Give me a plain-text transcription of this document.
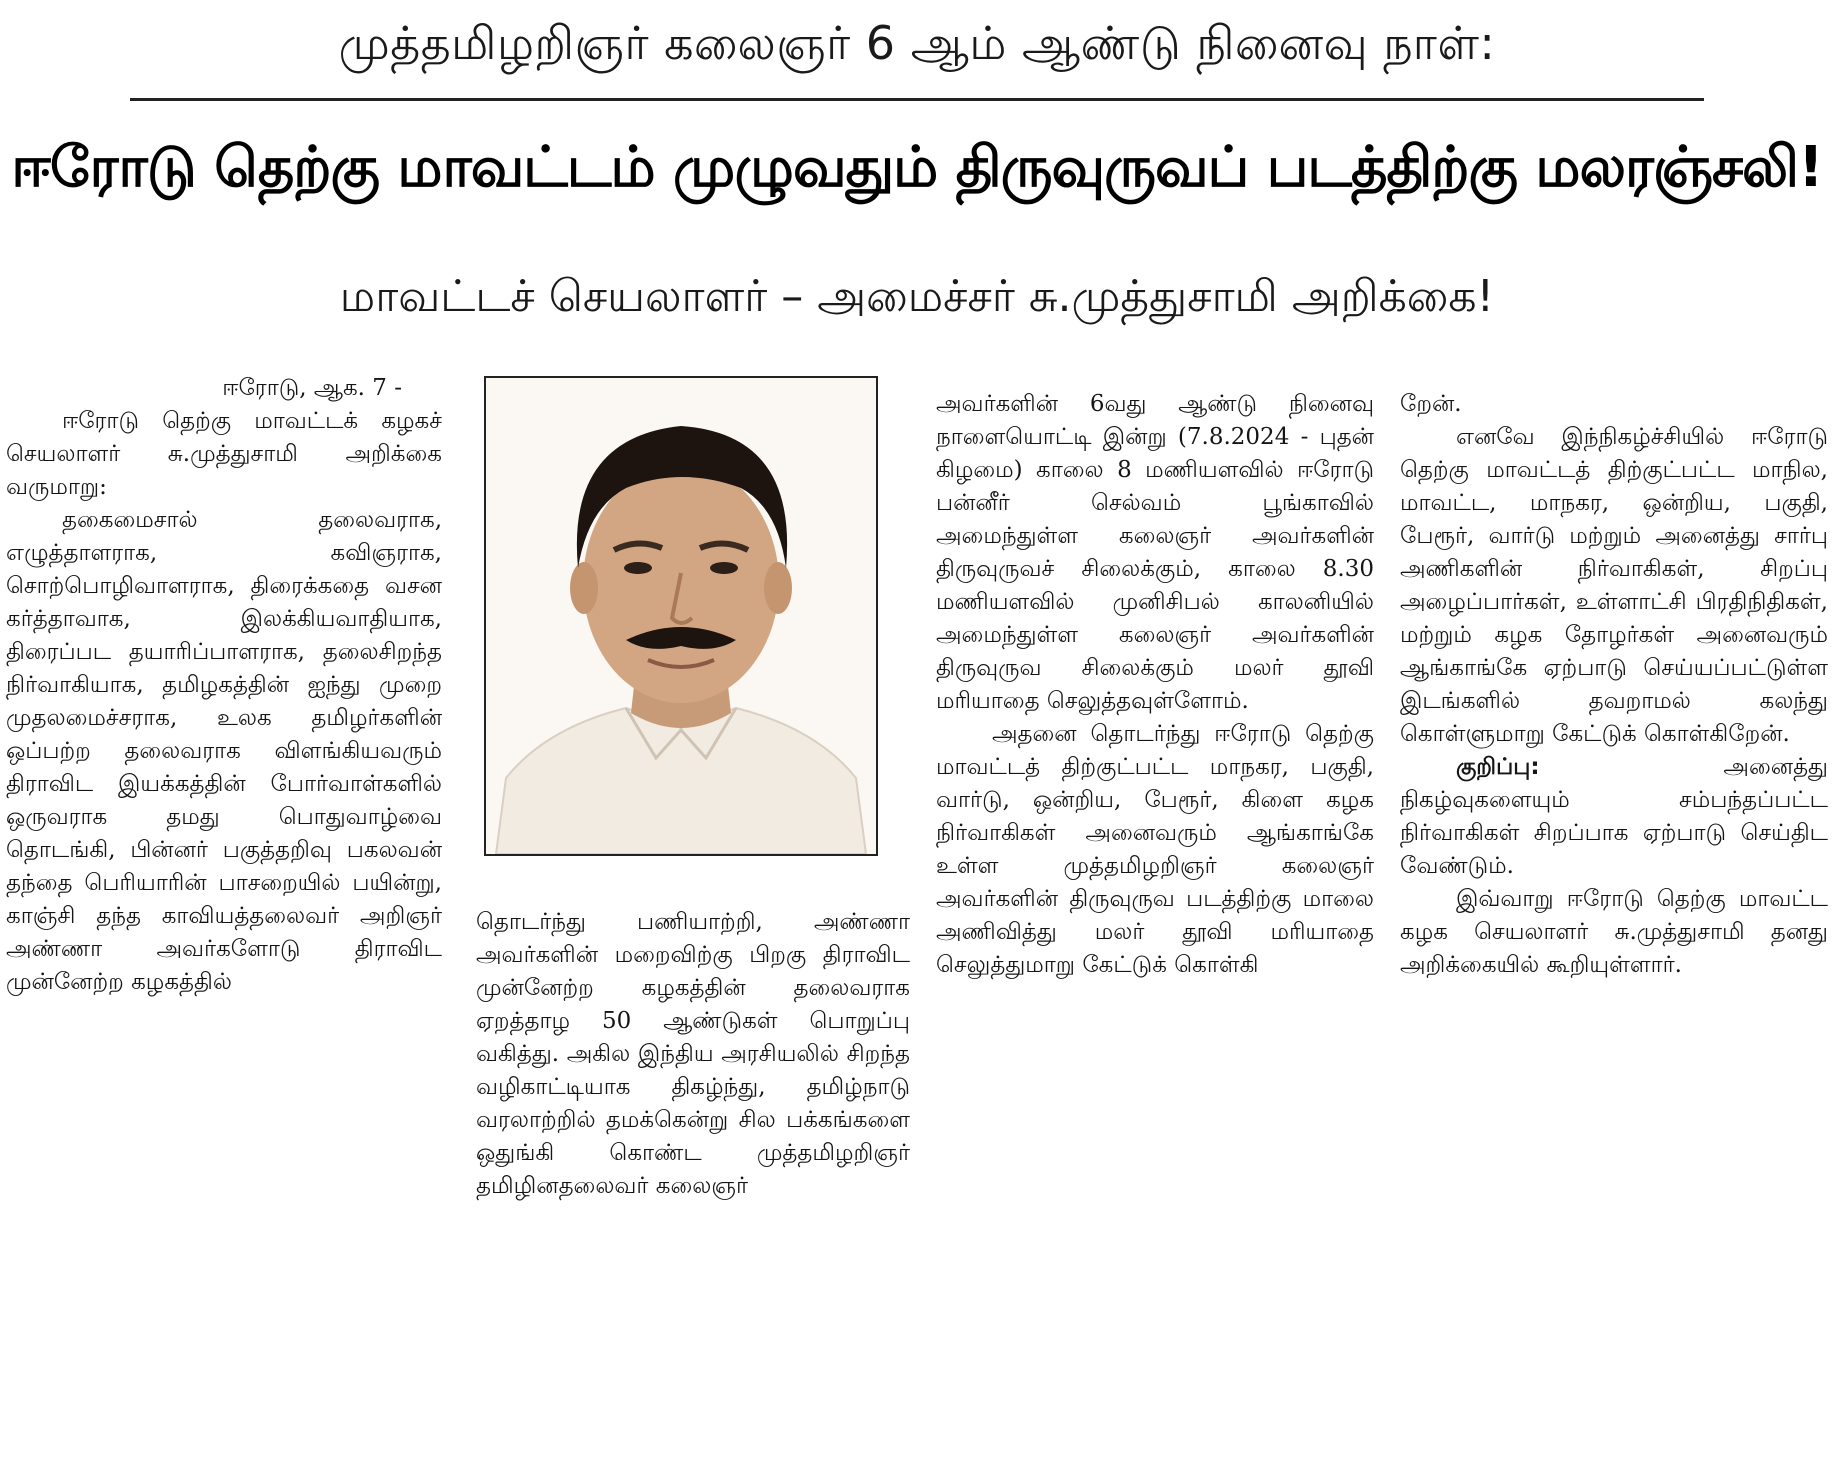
முத்தமிழறிஞர் கலைஞர் 6 ஆம் ஆண்டு நினைவு நாள்:
ஈரோடு தெற்கு மாவட்டம் முழுவதும் திருவுருவப் படத்திற்கு மலரஞ்சலி!
மாவட்டச் செயலாளர் – அமைச்சர் சு.முத்துசாமி அறிக்கை!

ஈரோடு, ஆக. 7 -

ஈரோடு தெற்கு மாவட்டக் கழகச் செயலாளர் சு.முத்துசாமி அறிக்கை வருமாறு:

தகைமைசால் தலைவராக, எழுத்தாளராக, கவிஞராக, சொற்பொழிவாளராக, திரைக்கதை வசன கர்த்தாவாக, இலக்கியவாதியாக, திரைப்பட தயாரிப்பாளராக, தலைசிறந்த நிர்வாகியாக, தமிழகத்தின் ஐந்து முறை முதலமைச்சராக, உலக தமிழர்களின் ஒப்பற்ற தலைவராக விளங்கியவரும் திராவிட இயக்கத்தின் போர்வாள்களில் ஒருவராக தமது பொதுவாழ்வை தொடங்கி, பின்னர் பகுத்தறிவு பகலவன் தந்தை பெரியாரின் பாசறையில் பயின்று, காஞ்சி தந்த காவியத்தலைவர் அறிஞர் அண்ணா அவர்களோடு திராவிட முன்னேற்ற கழகத்தில்

தொடர்ந்து பணியாற்றி, அண்ணா அவர்களின் மறைவிற்கு பிறகு திராவிட முன்னேற்ற கழகத்தின் தலைவராக ஏறத்தாழ 50 ஆண்டுகள் பொறுப்பு வகித்து. அகில இந்திய அரசியலில் சிறந்த வழிகாட்டியாக திகழ்ந்து, தமிழ்நாடு வரலாற்றில் தமக்கென்று சில பக்கங்களை ஒதுங்கி கொண்ட முத்தமிழறிஞர் தமிழினதலைவர் கலைஞர்

அவர்களின் 6வது ஆண்டு நினைவு நாளையொட்டி இன்று (7.8.2024 - புதன் கிழமை) காலை 8 மணியளவில் ஈரோடு பன்னீர் செல்வம் பூங்காவில் அமைந்துள்ள கலைஞர் அவர்களின் திருவுருவச் சிலைக்கும், காலை 8.30 மணியளவில் முனிசிபல் காலனியில் அமைந்துள்ள கலைஞர் அவர்களின் திருவுருவ சிலைக்கும் மலர் தூவி மரியாதை செலுத்தவுள்ளோம்.

அதனை தொடர்ந்து ஈரோடு தெற்கு மாவட்டத் திற்குட்பட்ட மாநகர, பகுதி, வார்டு, ஒன்றிய, பேரூர், கிளை கழக நிர்வாகிகள் அனைவரும் ஆங்காங்கே உள்ள முத்தமிழறிஞர் கலைஞர் அவர்களின் திருவுருவ படத்திற்கு மாலை அணிவித்து மலர் தூவி மரியாதை செலுத்துமாறு கேட்டுக் கொள்கி

றேன்.

எனவே இந்நிகழ்ச்சியில் ஈரோடு தெற்கு மாவட்டத் திற்குட்பட்ட மாநில, மாவட்ட, மாநகர, ஒன்றிய, பகுதி, பேரூர், வார்டு மற்றும் அனைத்து சார்பு அணிகளின் நிர்வாகிகள், சிறப்பு அழைப்பார்கள், உள்ளாட்சி பிரதிநிதிகள், மற்றும் கழக தோழர்கள் அனைவரும் ஆங்காங்கே ஏற்பாடு செய்யப்பட்டுள்ள இடங்களில் தவறாமல் கலந்து கொள்ளுமாறு கேட்டுக் கொள்கிறேன்.

குறிப்பு: அனைத்து நிகழ்வுகளையும் சம்பந்தப்பட்ட நிர்வாகிகள் சிறப்பாக ஏற்பாடு செய்திட வேண்டும்.

இவ்வாறு ஈரோடு தெற்கு மாவட்ட கழக செயலாளர் சு.முத்துசாமி தனது அறிக்கையில் கூறியுள்ளார்.
